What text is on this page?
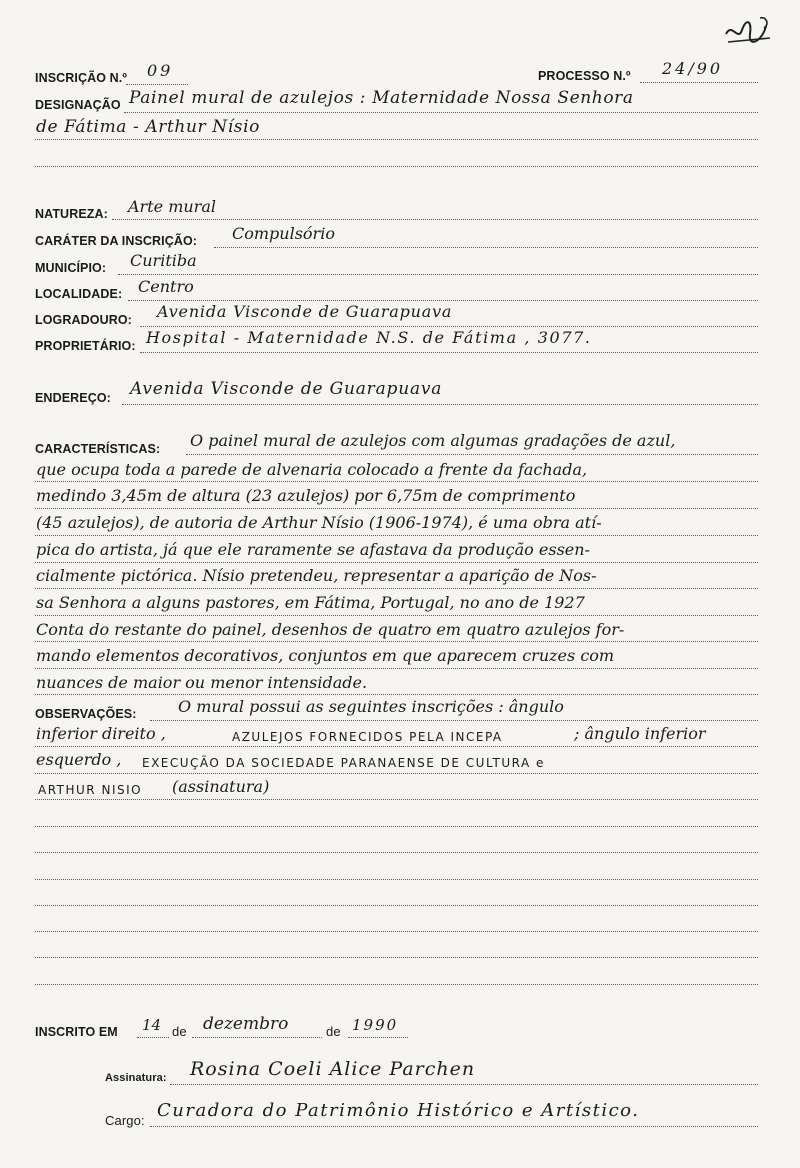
INSCRIÇÃO N.º 09	PROCESSO N.º 24/90
DESIGNAÇÃO Painel mural de azulejos : Maternidade Nossa Senhora
de Fátima - Arthur Nísio
NATUREZA: Arte mural
CARÁTER DA INSCRIÇÃO: Compulsório
MUNICÍPIO: Curitiba
LOCALIDADE: Centro
LOGRADOURO: Avenida Visconde de Guarapuava
PROPRIETÁRIO: Hospital - Maternidade N.S. de Fátima , 3077.
ENDEREÇO: Avenida Visconde de Guarapuava
CARACTERÍSTICAS: O painel mural de azulejos com algumas gradações de azul,
que ocupa toda a parede de alvenaria colocado a frente da fachada,
medindo 3,45m de altura (23 azulejos) por 6,75m de comprimento
(45 azulejos), de autoria de Arthur Nísio (1906-1974), é uma obra atí-
pica do artista, já que ele raramente se afastava da produção essen-
cialmente pictórica. Nísio pretendeu, representar a aparição de Nos-
sa Senhora a alguns pastores, em Fátima, Portugal, no ano de 1927
Conta do restante do painel, desenhos de quatro em quatro azulejos for-
mando elementos decorativos, conjuntos em que aparecem cruzes com
nuances de maior ou menor intensidade.
OBSERVAÇÕES:	O mural possui as seguintes inscrições : ângulo
inferior direito ,	AZULEJOS FORNECIDOS PELA INCEPA	; ângulo inferior
esquerdo , EXECUÇÃO DA SOCIEDADE PARANAENSE DE CULTURA e
ARTHUR NISIO (assinatura)
INSCRITO EM 14 de dezembro	de 1990
Assinatura: Rosina Coeli Alice Parchen
Cargo: Curadora do Patrimônio Histórico e Artístico.
